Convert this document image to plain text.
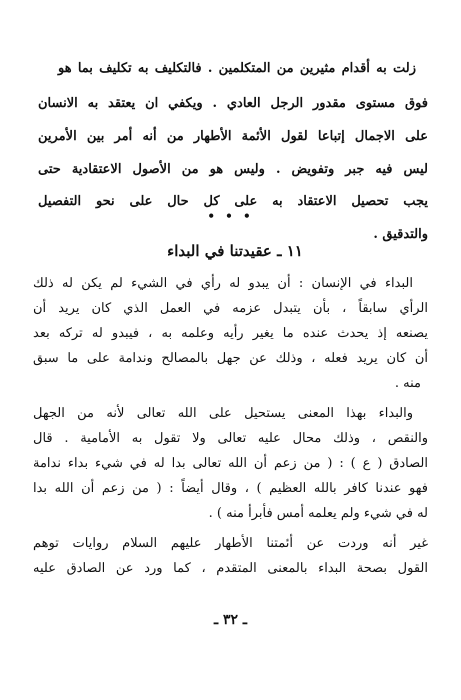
زلت به أقدام مثيرين من المتكلمين . فالتكليف به تكليف بما هو
فوق مستوى مقدور الرجل العادي . ويكفي ان يعتقد به الانسان
على الاجمال إتباعا لقول الأئمة الأطهار من أنه أمر بين الأمرين
ليس فيه جبر وتفويض . وليس هو من الأصول الاعتقادية حتى
يجب تحصيل الاعتقاد به على كل حال على نحو التفصيل
والتدقيق .
• • •
١١ ـ عقيدتنا في البداء
البداء في الإنسان : أن يبدو له رأي في الشيء لم يكن له ذلك
الرأي سابقاً ، بأن يتبدل عزمه في العمل الذي كان يريد أن
يصنعه إذ يحدث عنده ما يغير رأيه وعلمه به ، فيبدو له تركه بعد
أن كان يريد فعله ، وذلك عن جهل بالمصالح وندامة على ما سبق
منه .
والبداء بهذا المعنى يستحيل على الله تعالى لأنه من الجهل
والنقص ، وذلك محال عليه تعالى ولا تقول به الأمامية . قال
الصادق ( ع ) : ( من زعم أن الله تعالى بدا له في شيء بداء ندامة
فهو عندنا كافر بالله العظيم ) ، وقال أيضاً : ( من زعم أن الله بدا
له في شيء ولم يعلمه أمس فأبرأ منه ) .
غير أنه وردت عن أئمتنا الأطهار عليهم السلام روايات توهم
القول بصحة البداء بالمعنى المتقدم ، كما ورد عن الصادق عليه
ـ ٣٢ ـ
